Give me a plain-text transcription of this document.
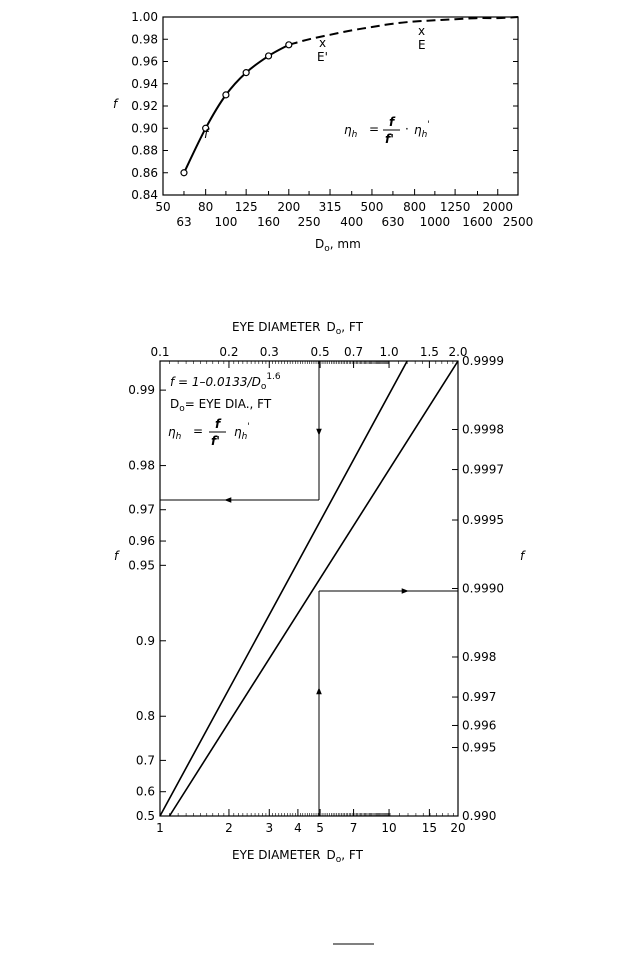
0.84
0.86
0.88
0.90
0.92
0.94
0.96
0.98
1.00
50 80 125 200 315 500 800 1250 2000
63 100 160 250 400 630 1000 1600 2500
f
$D_o$, mm
f
x
E'
x
E
$\eta_h = f$
f'
· $\eta_h'$
EYE DIAMETER $D_o$, FT
1	2	3 4 5 7 10 15 20
0.1	0.2 0.3	0.5 0.7 1.0 1.5 2.0
0.99
0.98
0.97
0.96
0.95
0.9
0.8
0.7
0.6
0.5
0.9999
0.9998
0.9997
0.9995
0.9990
0.998
0.997
0.996
0.995
0.990
f	f
EYE DIAMETER $D_o$, FT
$f = 1-0.0133/D_o^{1.6}$
$D_o=$ EYE DIA., FT
$\eta_h = f$
f'
$\eta_h'$
